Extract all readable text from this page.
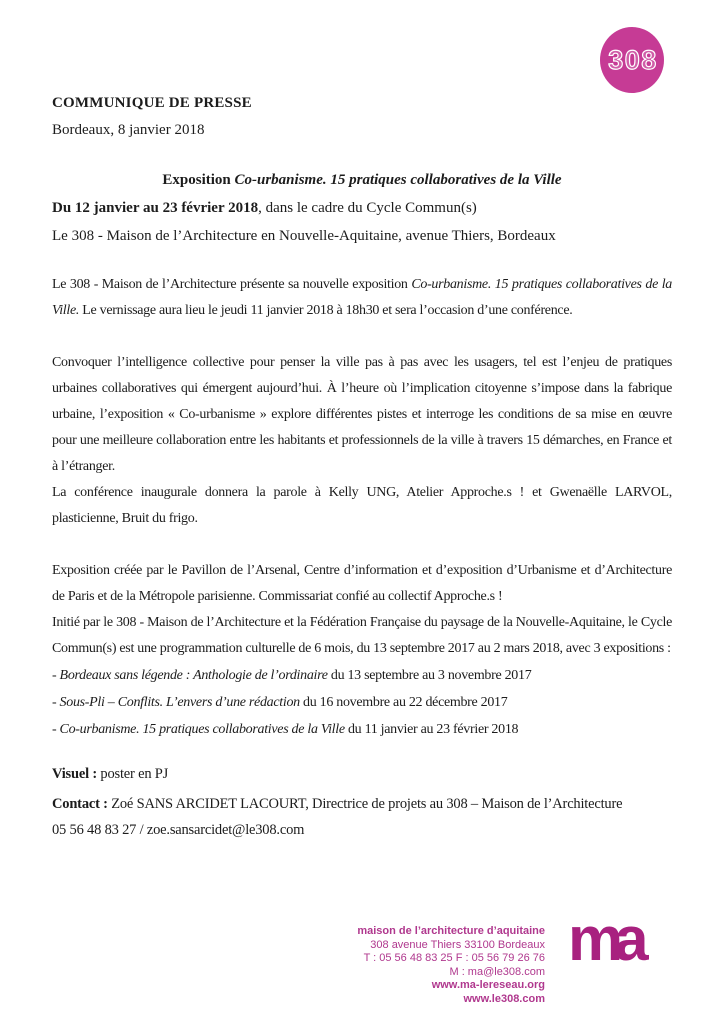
308
COMMUNIQUE DE PRESSE
Bordeaux, 8 janvier 2018
Exposition Co-urbanisme. 15 pratiques collaboratives de la Ville
Du 12 janvier au 23 février 2018, dans le cadre du Cycle Commun(s)
Le 308 - Maison de l’Architecture en Nouvelle-Aquitaine, avenue Thiers, Bordeaux

Le 308 - Maison de l’Architecture présente sa nouvelle exposition Co-urbanisme. 15 pratiques collaboratives de la Ville. Le vernissage aura lieu le jeudi 11 janvier 2018 à 18h30 et sera l’occasion d’une conférence.

Convoquer l’intelligence collective pour penser la ville pas à pas avec les usagers, tel est l’enjeu de pratiques urbaines collaboratives qui émergent aujourd’hui. À l’heure où l’implication citoyenne s’impose dans la fabrique urbaine, l’exposition « Co-urbanisme » explore différentes pistes et interroge les conditions de sa mise en œuvre pour une meilleure collaboration entre les habitants et professionnels de la ville à travers 15 démarches, en France et à l’étranger.

La conférence inaugurale donnera la parole à Kelly UNG, Atelier Approche.s ! et Gwenaëlle LARVOL, plasticienne, Bruit du frigo.

Exposition créée par le Pavillon de l’Arsenal, Centre d’information et d’exposition d’Urbanisme et d’Architecture de Paris et de la Métropole parisienne. Commissariat confié au collectif Approche.s !

Initié par le 308 - Maison de l’Architecture et la Fédération Française du paysage de la Nouvelle-Aquitaine, le Cycle Commun(s) est une programmation culturelle de 6 mois, du 13 septembre 2017 au 2 mars 2018, avec 3 expositions :

- Bordeaux sans légende : Anthologie de l’ordinaire du 13 septembre au 3 novembre 2017
- Sous-Pli – Conflits. L’envers d’une rédaction du 16 novembre au 22 décembre 2017
- Co-urbanisme. 15 pratiques collaboratives de la Ville du 11 janvier au 23 février 2018
Visuel : poster en PJ
Contact : Zoé SANS ARCIDET LACOURT, Directrice de projets au 308 – Maison de l’Architecture
05 56 48 83 27 / zoe.sansarcidet@le308.com
maison de l’architecture d’aquitaine
308 avenue Thiers 33100 Bordeaux
T : 05 56 48 83 25 F : 05 56 79 26 76
M : ma@le308.com
www.ma-lereseau.org
www.le308.com
ma ’
